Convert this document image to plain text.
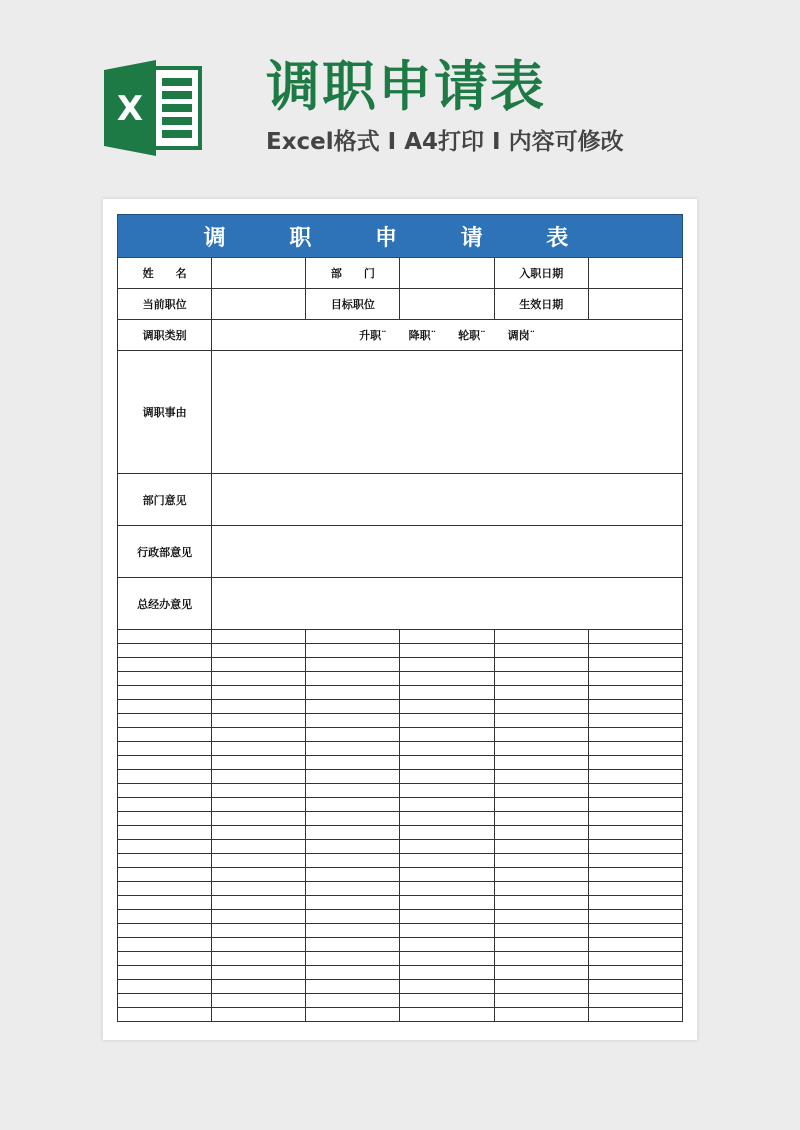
X 调职申请表
Excel格式 I A4打印 I 内容可修改
调 职 申 请 表					
姓　　名		部　　门		入职日期	
当前职位		目标职位		生效日期	
调职类别	升职¨　　降职¨　　轮职¨　　调岗¨				
调职事由					
部门意见					
行政部意见					
总经办意见					
